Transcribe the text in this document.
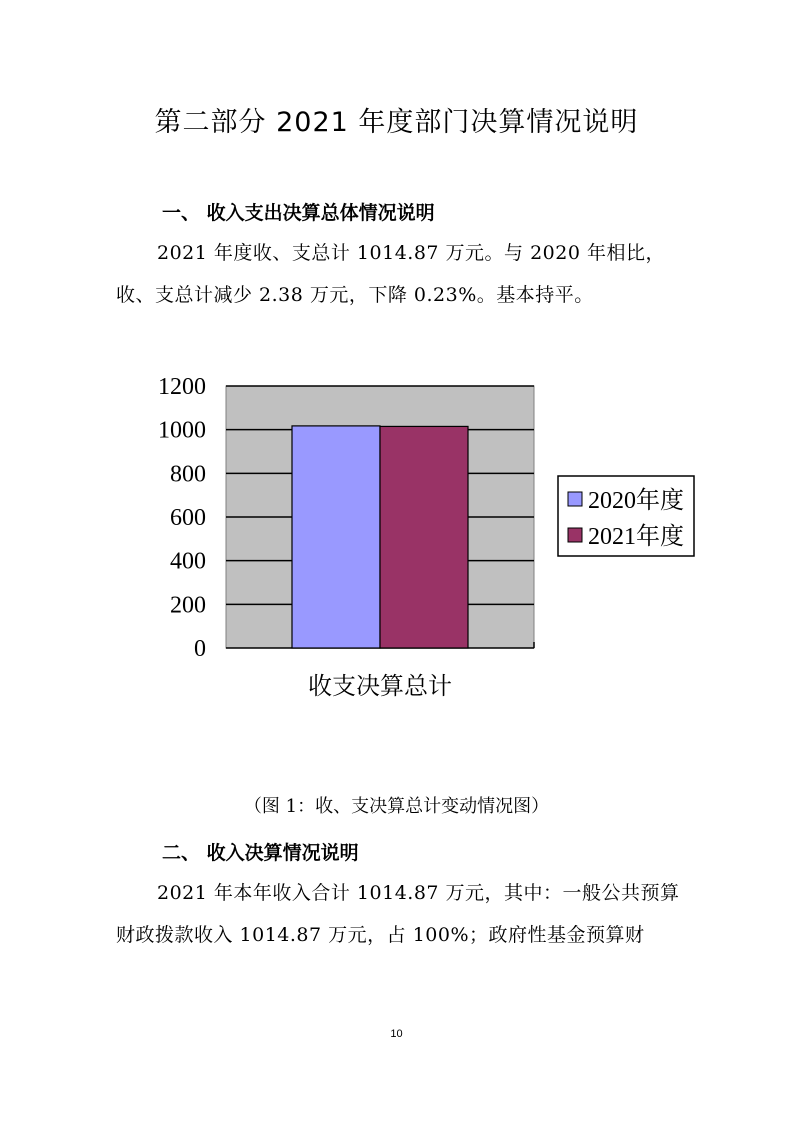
第二部分 2021 年度部门决算情况说明
一、 收入支出决算总体情况说明
2021 年度收、支总计 1014.87 万元。与 2020 年相比，收、支总计减少 2.38 万元，下降 0.23%。基本持平。
0
200
400
600
800
1000
1200
收支决算总计
2020年度
2021年度
（图 1：收、支决算总计变动情况图）
二、 收入决算情况说明
2021 年本年收入合计 1014.87 万元，其中：一般公共预算财政拨款收入 1014.87 万元，占 100%；政府性基金预算财
10
